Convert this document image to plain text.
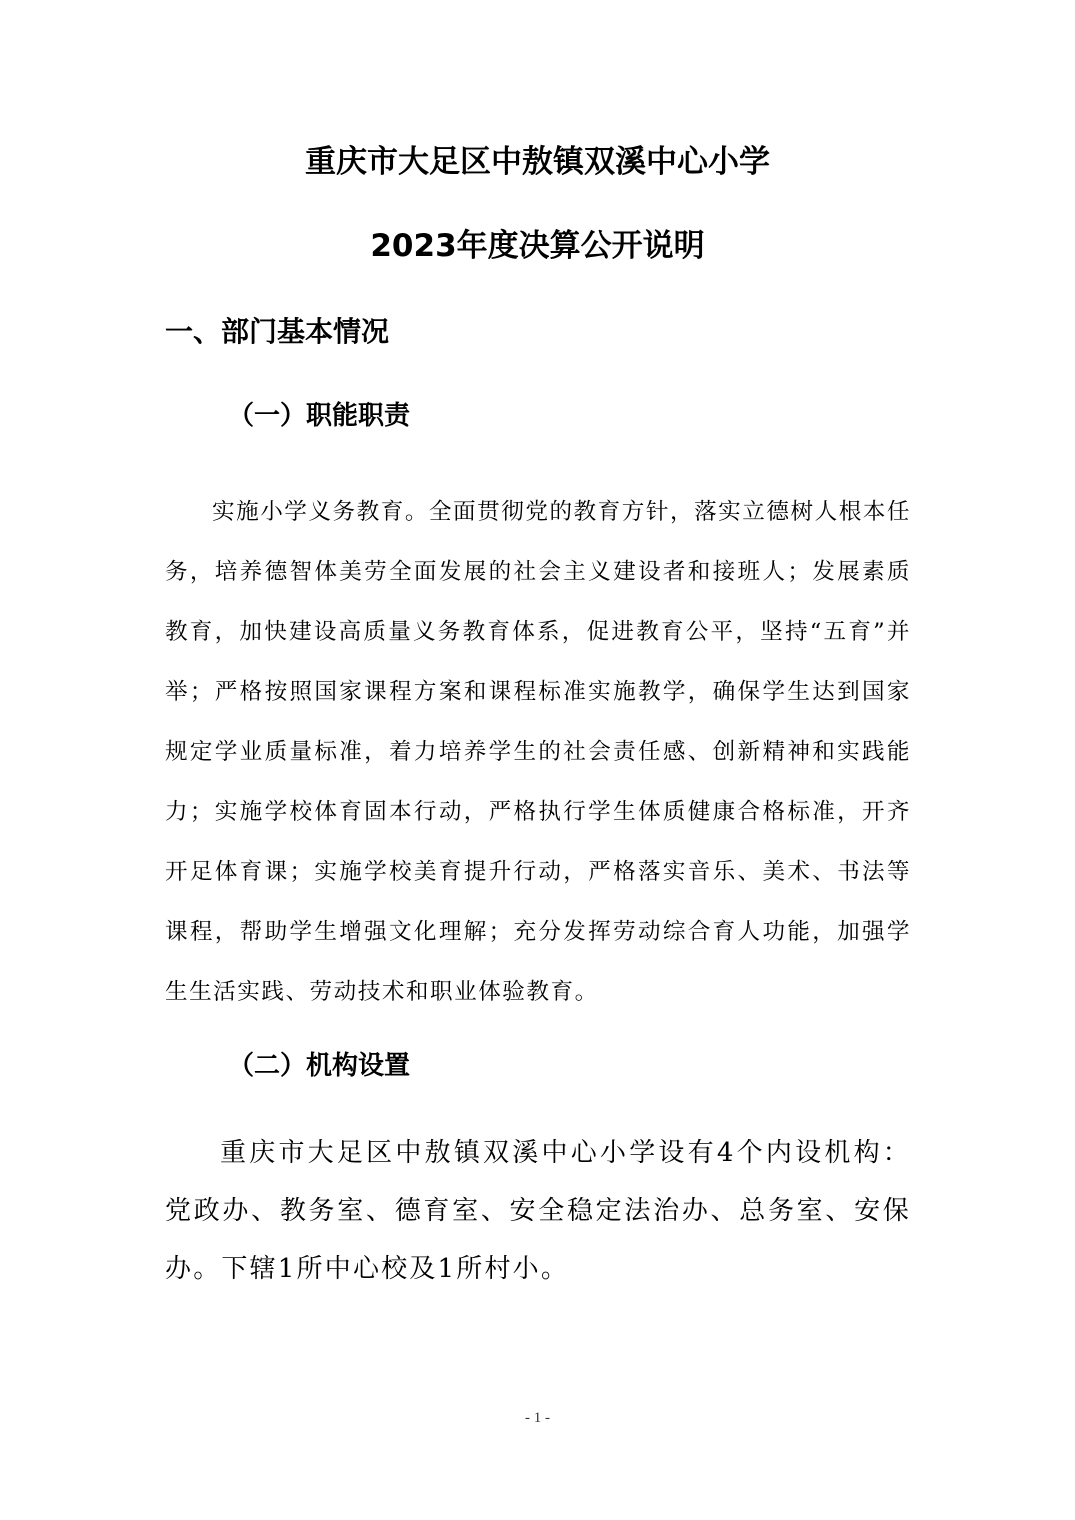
重庆市大足区中敖镇双溪中心小学
2023年度决算公开说明
一、部门基本情况
（一）职能职责

实施小学义务教育。全面贯彻党的教育方针，落实立德树人根本任务，培养德智体美劳全面发展的社会主义建设者和接班人；发展素质教育，加快建设高质量义务教育体系，促进教育公平，坚持“五育”并举；严格按照国家课程方案和课程标准实施教学，确保学生达到国家规定学业质量标准，着力培养学生的社会责任感、创新精神和实践能力；实施学校体育固本行动，严格执行学生体质健康合格标准，开齐开足体育课；实施学校美育提升行动，严格落实音乐、美术、书法等课程，帮助学生增强文化理解；充分发挥劳动综合育人功能，加强学生生活实践、劳动技术和职业体验教育。

（二）机构设置

重庆市大足区中敖镇双溪中心小学设有4个内设机构：党政办、教务室、德育室、安全稳定法治办、总务室、安保办。下辖1所中心校及1所村小。

- 1 -
